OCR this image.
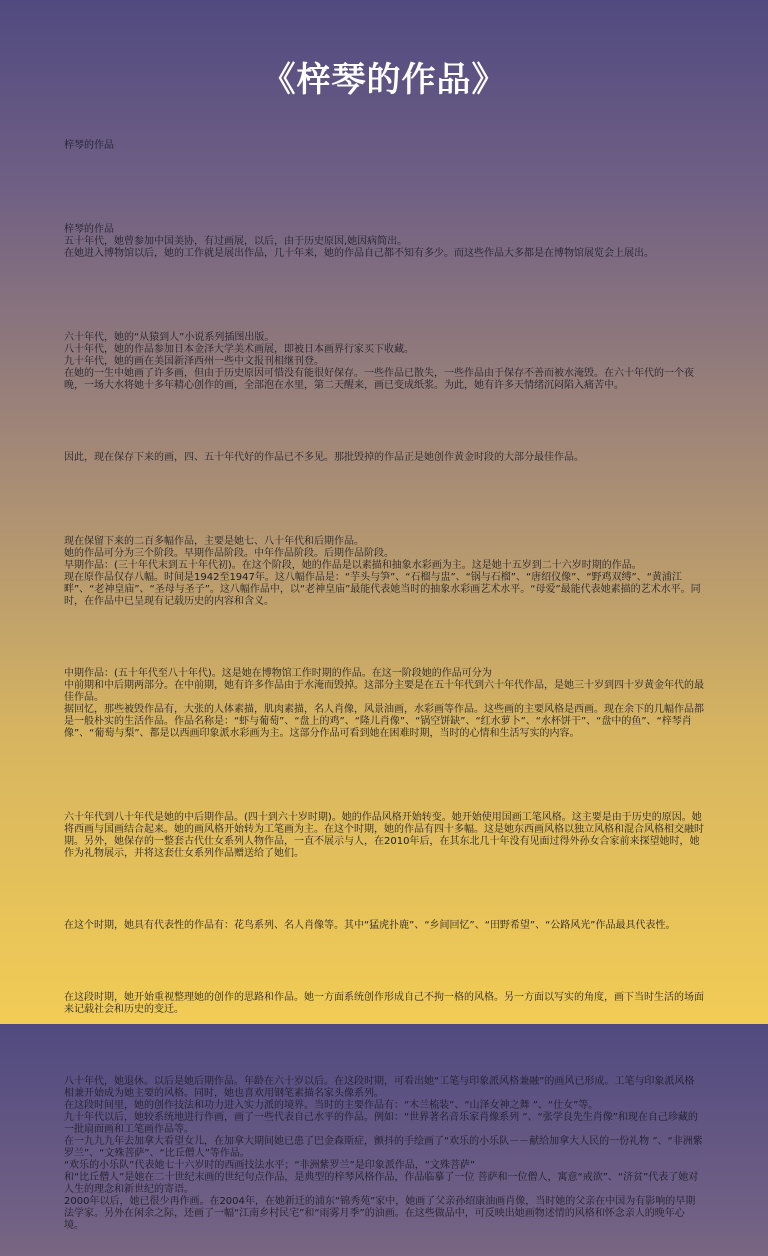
《梓琴的作品》

梓琴的作品

梓琴的作品
五十年代，她曾参加中国美协，有过画展，以后，由于历史原因,她因病简出。
在她进入博物馆以后，她的工作就是展出作品，几十年来，她的作品自己都不知有多少。而这些作品大多都是在博物馆展览会上展出。

六十年代，她的“从猿到人”小说系列插图出版。
八十年代，她的作品参加日本金泽大学美术画展，即被日本画界行家买下收藏。
九十年代，她的画在美国新泽西州一些中文报刊相继刊登。
在她的一生中她画了许多画，但由于历史原因可惜没有能很好保存。一些作品已散失，一些作品由于保存不善而被水淹毁。在六十年代的一个夜晚，一场大水将她十多年精心创作的画，全部泡在水里，第二天醒来，画已变成纸浆。为此，她有许多天情绪沉闷陷入痛苦中。

因此，现在保存下来的画，四、五十年代好的作品已不多见。那批毁掉的作品正是她创作黄金时段的大部分最佳作品。

现在保留下来的二百多幅作品，主要是她七、八十年代和后期作品。
她的作品可分为三个阶段。早期作品阶段。中年作品阶段。后期作品阶段。
早期作品：(三十年代末到五十年代初)。在这个阶段，她的作品是以素描和抽象水彩画为主。这是她十五岁到二十六岁时期的作品。
现在原作品仅存八幅。时间是1942至1947年。这八幅作品是：“芋头与笋”、“石榴与盅”、“锅与石榴”、“唐绍仪像”、“野鸡双缚”、“黄浦江畔”、“老神皇庙”、“圣母与圣子”。这八幅作品中，以“老神皇庙”最能代表她当时的抽象水彩画艺术水平。“母爱”最能代表她素描的艺术水平。同时，在作品中已呈现有记载历史的内容和含义。

中期作品：(五十年代至八十年代)。这是她在博物馆工作时期的作品。在这一阶段她的作品可分为
中前期和中后期两部分。在中前期，她有许多作品由于水淹而毁掉。这部分主要是在五十年代到六十年代作品，是她三十岁到四十岁黄金年代的最佳作品。
据回忆，那些被毁作品有，大张的人体素描，肌肉素描，名人肖像，风景油画，水彩画等作品。这些画的主要风格是西画。现在余下的几幅作品都是一般朴实的生活作品。作品名称是：“虾与葡萄”、“盘上的鸡”、“隆儿肖像”、“锅空饼缺”、“红水萝卜”、“水杯饼干”、“盘中的鱼”、“梓琴肖像”、“葡萄与梨”、都是以西画印象派水彩画为主。这部分作品可看到她在困难时期，当时的心情和生活写实的内容。

六十年代到八十年代是她的中后期作品。(四十到六十岁时期)。她的作品风格开始转变。她开始使用国画工笔风格。这主要是由于历史的原因。她将西画与国画结合起来。她的画风格开始转为工笔画为主。在这个时期，她的作品有四十多幅。这是她东西画风格以独立风格和混合风格相交融时期。另外，她保存的一整套古代仕女系列人物作品，一直不展示与人，在2010年后，在其东北几十年没有见面过得外孙女合家前来探望她时，她作为礼物展示，并将这套仕女系列作品赠送给了她们。

在这个时期，她具有代表性的作品有：花鸟系列、名人肖像等。其中“猛虎扑鹿”、“乡间回忆”、“田野希望”、“公路风光”作品最具代表性。

在这段时期，她开始重视整理她的创作的思路和作品。她一方面系统创作形成自己不拘一格的风格。另一方面以写实的角度，画下当时生活的场面来记载社会和历史的变迁。

八十年代，她退休。以后是她后期作品。年龄在六十岁以后。在这段时期，可看出她“工笔与印象派风格兼融”的画风已形成。工笔与印象派风格相兼开始成为她主要的风格。同时，她也喜欢用钢笔素描名家头像系列。
在这段时间里，她的创作技法和功力进入实力派的境界。当时的主要作品有：“木兰梳装”、“山泽女神之舞 ”、“仕女”等。
九十年代以后，她较系统地进行作画，画了一些代表自己水平的作品。例如：“世界著名音乐家肖像系列 ”、“张学良先生肖像”和现在自己珍藏的一批扇面画和工笔画作品等。
在一九九九年去加拿大看望女儿，在加拿大期间她已患了巴金森斯症，颤抖的手绘画了“欢乐的小乐队－－献给加拿大人民的一份礼物 ”、“非洲紫罗兰”、“文殊菩萨”、“比丘僧人”等作品。
“欢乐的小乐队”代表她七十六岁时的西画技法水平；“非洲紫罗兰”是印象派作品，“文殊菩萨”
和“比丘僧人”是她在二十世纪末画的世纪句点作品，是典型的梓琴风格作品，作品临摹了一位 菩萨和一位僧人，寓意“戒欲”、“济贫”代表了她对人生的理念和新世纪的寄语。
2000年以后，她已很少再作画。在2004年，在她新迁的浦东“锦秀苑”家中，她画了父亲孙绍康油画肖像，当时她的父亲在中国为有影响的早期法学家。另外在闲余之际，还画了一幅“江南乡村民宅”和“雨雾月季”的油画。在这些做品中，可反映出她画物述情的风格和怀念亲人的晚年心境。
